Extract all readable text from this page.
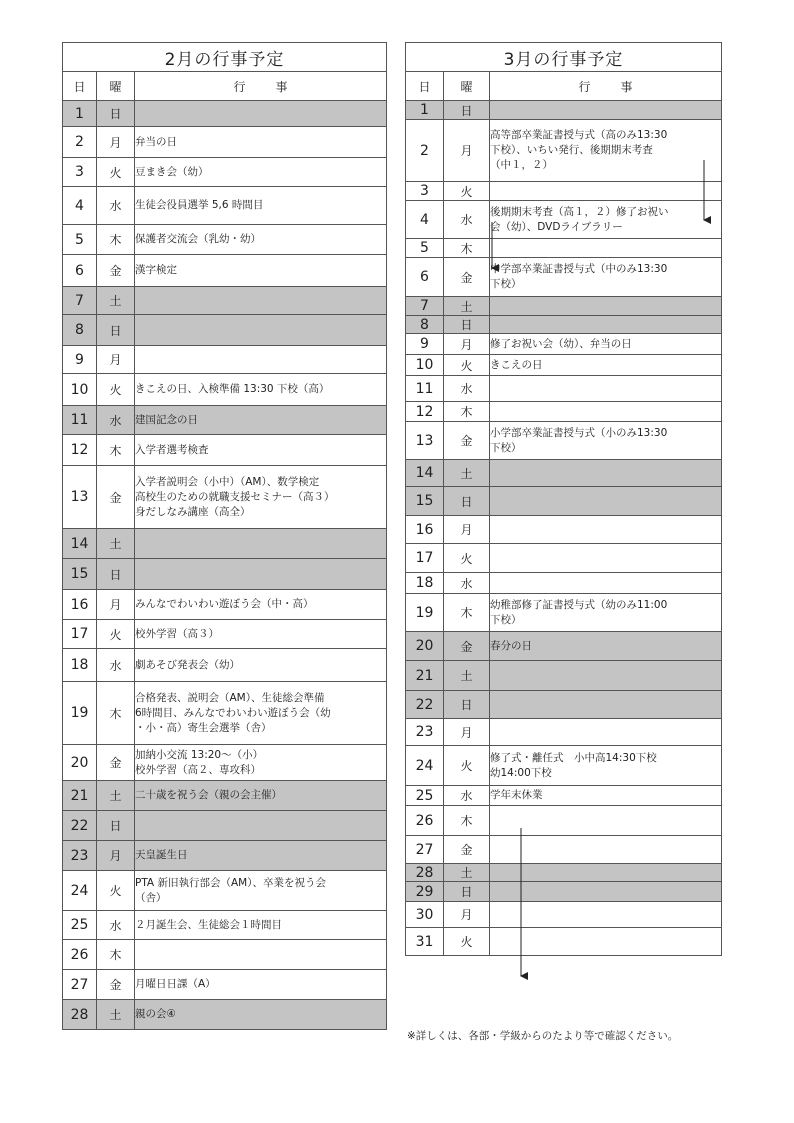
2月の行事予定		
日	曜	行事
1	日	
2	月	弁当の日
3	火	豆まき会（幼）
4	水	生徒会役員選挙 5,6 時間目
5	木	保護者交流会（乳幼・幼）
6	金	漢字検定
7	土	
8	日	
9	月	
10	火	きこえの日、入検準備 13:30 下校（高）
11	水	建国記念の日
12	木	入学者選考検査
13	金	入学者説明会（小中）（AM）、数学検定
高校生のための就職支援セミナー（高３）
身だしなみ講座（高全）
14	土	
15	日	
16	月	みんなでわいわい遊ぼう会（中・高）
17	火	校外学習（高３）
18	水	劇あそび発表会（幼）
19	木	合格発表、説明会（AM）、生徒総会準備
6時間目、みんなでわいわい遊ぼう会（幼
・小・高）寄生会選挙（舎）
20	金	加納小交流 13:20～（小）
校外学習（高２、専攻科）
21	土	二十歳を祝う会（親の会主催）
22	日	
23	月	天皇誕生日
24	火	PTA 新旧執行部会（AM）、卒業を祝う会
（舎）
25	水	２月誕生会、生徒総会１時間目
26	木	
27	金	月曜日日課（A）
28	土	親の会④
3月の行事予定		
日	曜	行事
1	日	
2	月	高等部卒業証書授与式（高のみ13:30
下校）、いちい発行、後期期末考査
（中１，２）
3	火	
4	水	後期期末考査（高１，２）修了お祝い
会（幼）、DVDライブラリー
5	木	
6	金	中学部卒業証書授与式（中のみ13:30
下校）
7	土	
8	日	
9	月	修了お祝い会（幼）、弁当の日
10	火	きこえの日
11	水	
12	木	
13	金	小学部卒業証書授与式（小のみ13:30
下校）
14	土	
15	日	
16	月	
17	火	
18	水	
19	木	幼稚部修了証書授与式（幼のみ11:00
下校）
20	金	春分の日
21	土	
22	日	
23	月	
24	火	修了式・離任式　小中高14:30下校
幼14:00下校
25	水	学年末休業
26	木	
27	金	
28	土	
29	日	
30	月	
31	火	
※詳しくは、各部・学級からのたより等で確認ください。
